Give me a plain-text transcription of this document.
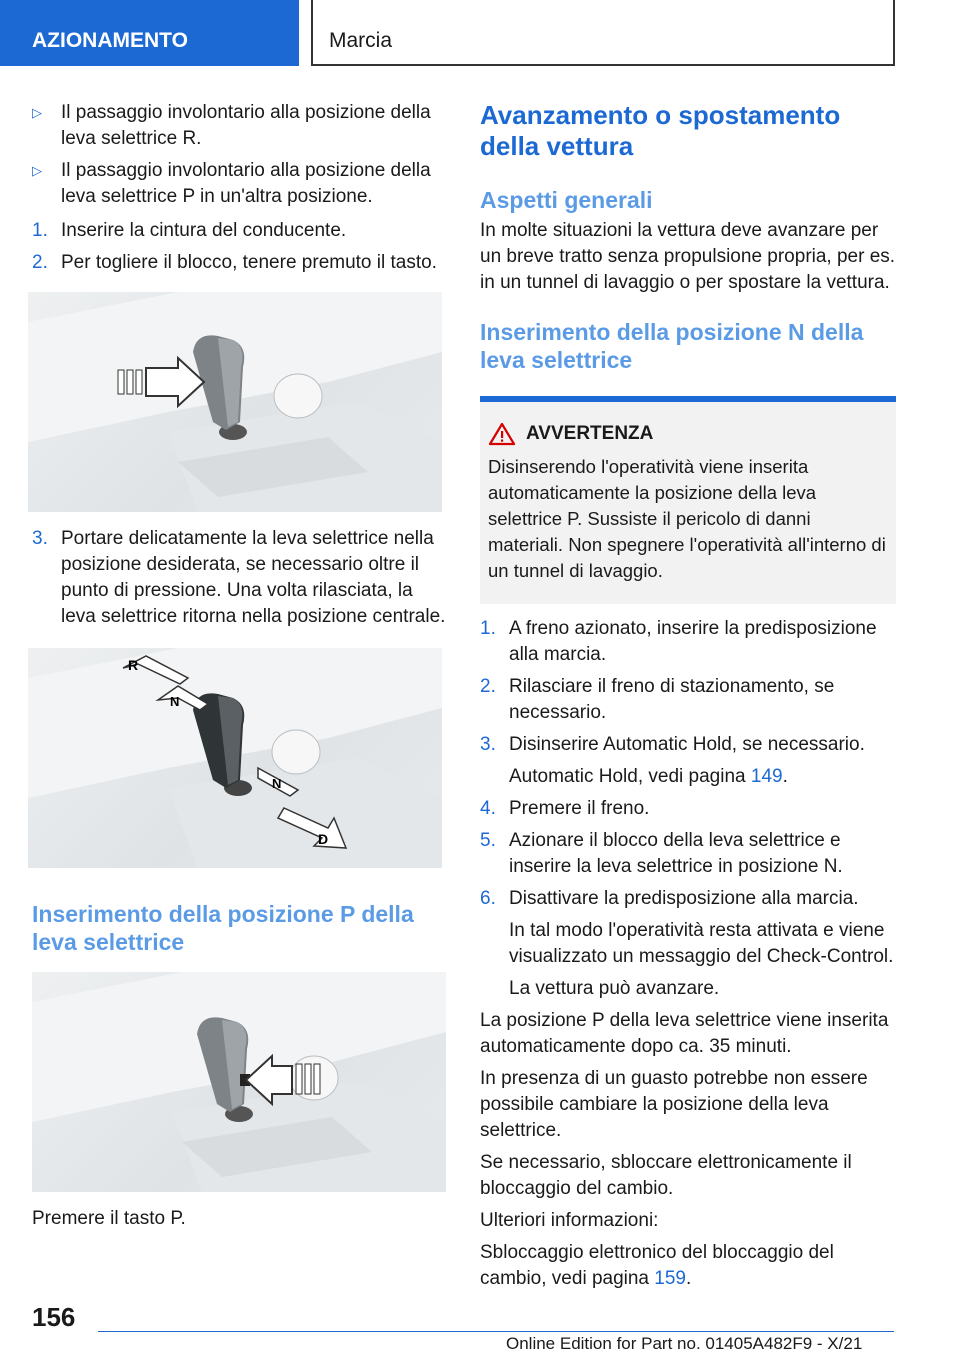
AZIONAMENTO	Marcia
▷ Il passaggio involontario alla posizione della leva selettrice R.
▷ Il passaggio involontario alla posizione della leva selettrice P in un'altra posizione.
1. Inserire la cintura del conducente.
2. Per togliere il blocco, tenere premuto il tasto.
3. Portare delicatamente la leva selettrice nella posizione desiderata, se necessario oltre il punto di pressione. Una volta rilasciata, la leva selettrice ritorna nella posizione centrale.
R
N
N
D
Inserimento della posizione P della leva selettrice

Premere il tasto P.

Avanzamento o spostamento della vettura
Aspetti generali

In molte situazioni la vettura deve avanzare per un breve tratto senza propulsione propria, per es. in un tunnel di lavaggio o per spostare la vettura.

Inserimento della posizione N della leva selettrice
AVVERTENZA

Disinserendo l'operatività viene inserita automaticamente la posizione della leva selettrice P. Sussiste il pericolo di danni materiali. Non spegnere l'operatività all'interno di un tunnel di lavaggio.

1. A freno azionato, inserire la predisposizione alla marcia.
2. Rilasciare il freno di stazionamento, se necessario.
3. Disinserire Automatic Hold, se necessario.

Automatic Hold, vedi pagina 149.

4. Premere il freno.
5. Azionare il blocco della leva selettrice e inserire la leva selettrice in posizione N.
6. Disattivare la predisposizione alla marcia.

In tal modo l'operatività resta attivata e viene visualizzato un messaggio del Check-Control.

La vettura può avanzare.

La posizione P della leva selettrice viene inserita automaticamente dopo ca. 35 minuti.

In presenza di un guasto potrebbe non essere possibile cambiare la posizione della leva selettrice.

Se necessario, sbloccare elettronicamente il bloccaggio del cambio.

Ulteriori informazioni:

Sbloccaggio elettronico del bloccaggio del cambio, vedi pagina 159.

156
Online Edition for Part no. 01405A482F9 - X/21
